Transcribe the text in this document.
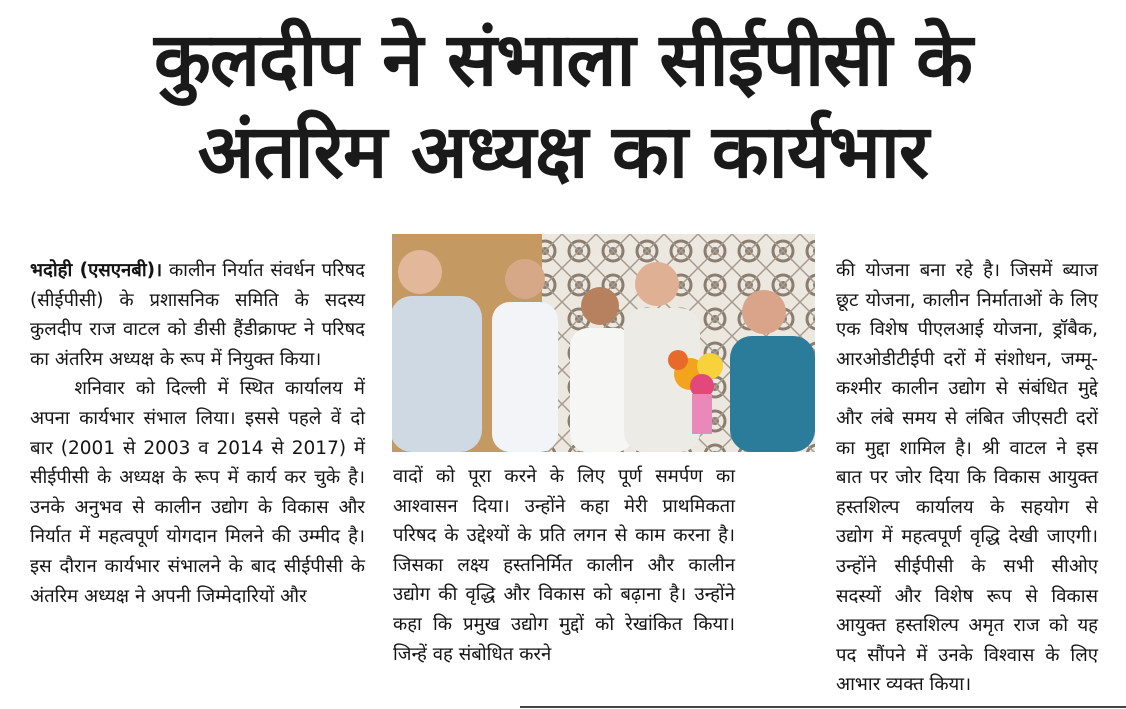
कुलदीप ने संभाला सीईपीसी के
अंतरिम अध्यक्ष का कार्यभार

भदोही (एसएनबी)। कालीन निर्यात संवर्धन परिषद (सीईपीसी) के प्रशासनिक समिति के सदस्य कुलदीप राज वाटल को डीसी हैंडीक्राफ्ट ने परिषद का अंतरिम अध्यक्ष के रूप में नियुक्त किया।

शनिवार को दिल्ली में स्थित कार्यालय में अपना कार्यभार संभाल लिया। इससे पहले वें दो बार (2001 से 2003 व 2014 से 2017) में सीईपीसी के अध्यक्ष के रूप में कार्य कर चुके है। उनके अनुभव से कालीन उद्योग के विकास और निर्यात में महत्वपूर्ण योगदान मिलने की उम्मीद है।इस दौरान कार्यभार संभालने के बाद सीईपीसी के अंतरिम अध्यक्ष ने अपनी जिम्मेदारियों और

वादों को पूरा करने के लिए पूर्ण समर्पण का आश्वासन दिया। उन्होंने कहा मेरी प्राथमिकता परिषद के उद्देश्यों के प्रति लगन से काम करना है। जिसका लक्ष्य हस्तनिर्मित कालीन और कालीन उद्योग की वृद्धि और विकास को बढ़ाना है। उन्होंने कहा कि प्रमुख उद्योग मुद्दों को रेखांकित किया। जिन्हें वह संबोधित करने

की योजना बना रहे है। जिसमें ब्याज छूट योजना, कालीन निर्माताओं के लिए एक विशेष पीएलआई योजना, ड्रॉबैक, आरओडीटीईपी दरों में संशोधन, जम्मू-कश्मीर कालीन उद्योग से संबंधित मुद्दे और लंबे समय से लंबित जीएसटी दरों का मुद्दा शामिल है। श्री वाटल ने इस बात पर जोर दिया कि विकास आयुक्त हस्तशिल्प कार्यालय के सहयोग से उद्योग में महत्वपूर्ण वृद्धि देखी जाएगी। उन्होंने सीईपीसी के सभी सीओए सदस्यों और विशेष रूप से विकास आयुक्त हस्तशिल्प अमृत राज को यह पद सौंपने में उनके विश्वास के लिए आभार व्यक्त किया।
